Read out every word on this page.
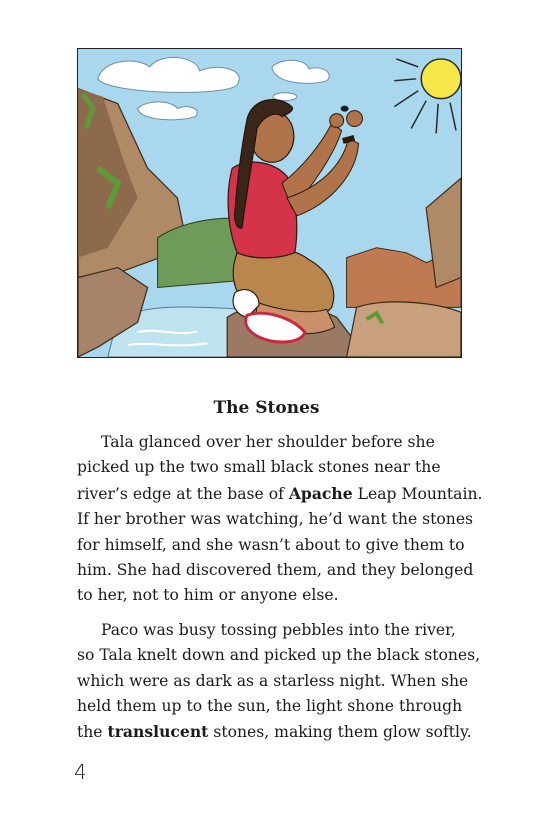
The Stones

Tala glanced over her shoulder before she
picked up the two small black stones near the
river’s edge at the base of Apache Leap Mountain.
If her brother was watching, he’d want the stones
for himself, and she wasn’t about to give them to
him. She had discovered them, and they belonged
to her, not to him or anyone else.

Paco was busy tossing pebbles into the river,
so Tala knelt down and picked up the black stones,
which were as dark as a starless night. When she
held them up to the sun, the light shone through
the translucent stones, making them glow softly.

4
